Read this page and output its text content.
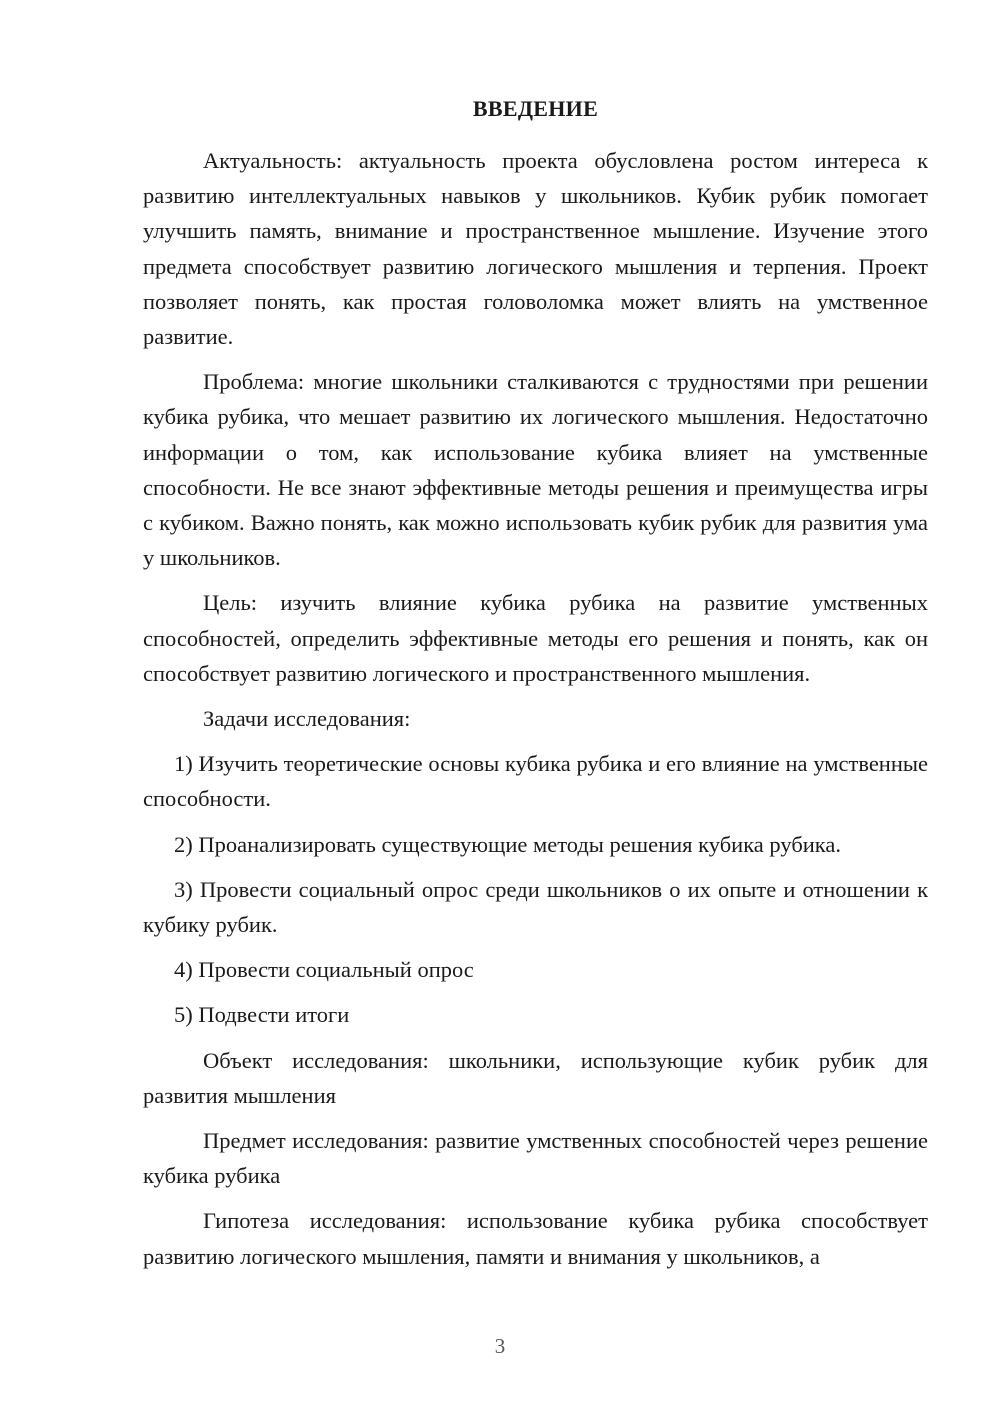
ВВЕДЕНИЕ

Актуальность: актуальность проекта обусловлена ростом интереса к развитию интеллектуальных навыков у школьников. Кубик рубик помогает улучшить память, внимание и пространственное мышление. Изучение этого предмета способствует развитию логического мышления и терпения. Проект позволяет понять, как простая головоломка может влиять на умственное развитие.

Проблема: многие школьники сталкиваются с трудностями при решении кубика рубика, что мешает развитию их логического мышления. Недостаточно информации о том, как использование кубика влияет на умственные способности. Не все знают эффективные методы решения и преимущества игры с кубиком. Важно понять, как можно использовать кубик рубик для развития ума у школьников.

Цель: изучить влияние кубика рубика на развитие умственных способностей, определить эффективные методы его решения и понять, как он способствует развитию логического и пространственного мышления.

Задачи исследования:

1) Изучить теоретические основы кубика рубика и его влияние на умственные способности.

2) Проанализировать существующие методы решения кубика рубика.

3) Провести социальный опрос среди школьников о их опыте и отношении к кубику рубик.

4) Провести социальный опрос

5) Подвести итоги

Объект исследования: школьники, использующие кубик рубик для развития мышления

Предмет исследования: развитие умственных способностей через решение кубика рубика

Гипотеза исследования: использование кубика рубика способствует развитию логического мышления, памяти и внимания у школьников, а

3
